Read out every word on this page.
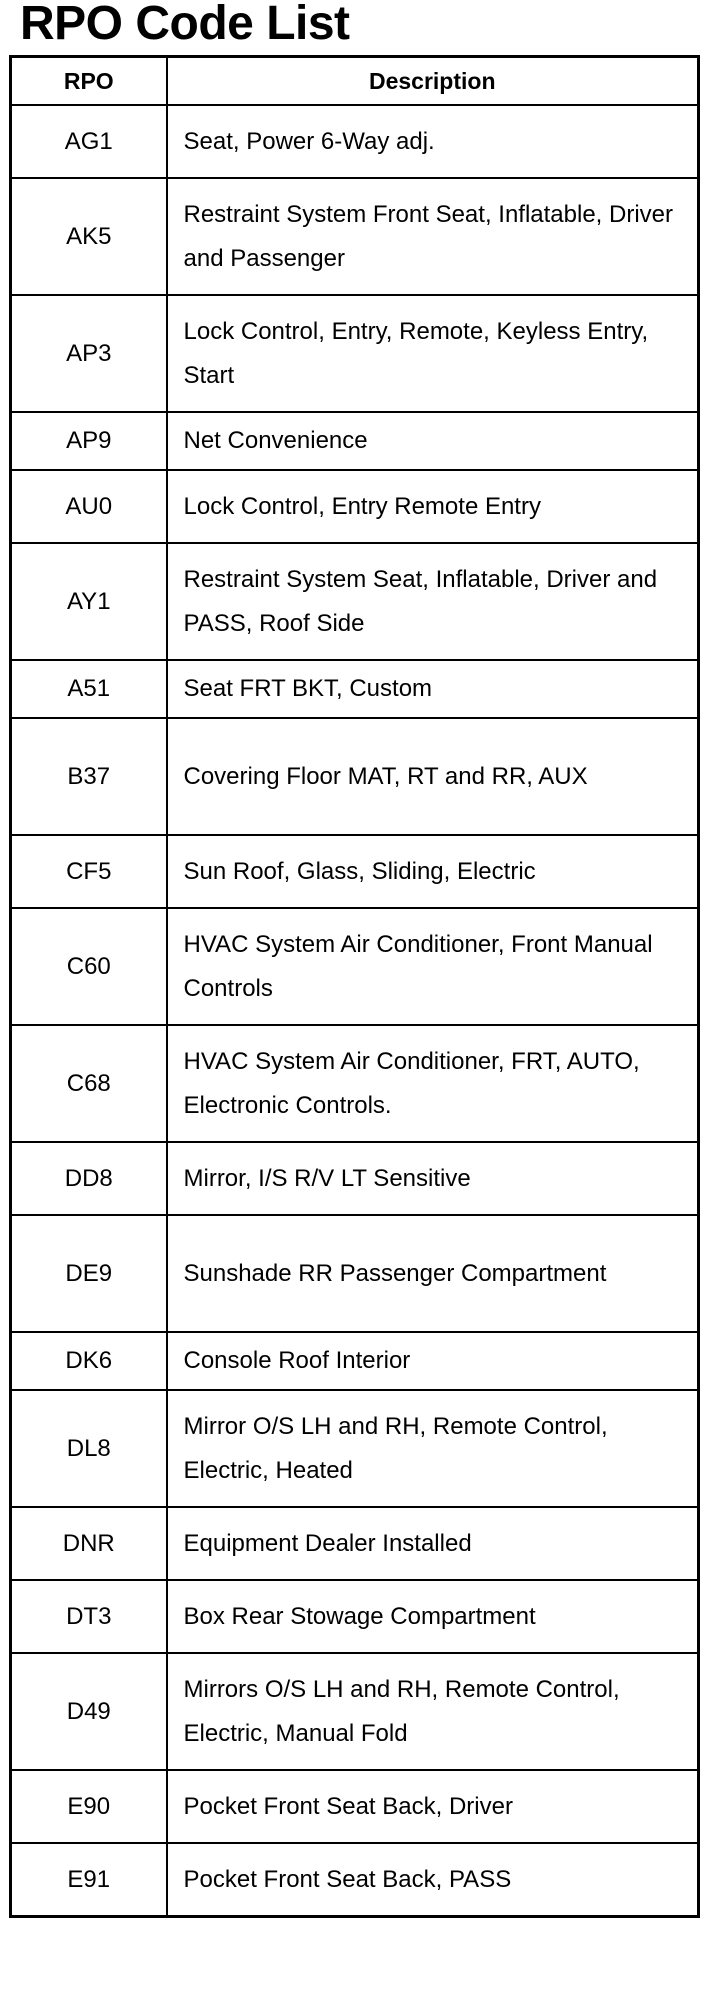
RPO Code List
RPO	Description
AG1	Seat, Power 6-Way adj.
AK5	Restraint System Front Seat, Inflatable, Driver and Passenger
AP3	Lock Control, Entry, Remote, Keyless Entry, Start
AP9	Net Convenience
AU0	Lock Control, Entry Remote Entry
AY1	Restraint System Seat, Inflatable, Driver and PASS, Roof Side
A51	Seat FRT BKT, Custom
B37	Covering Floor MAT, RT and RR, AUX
CF5	Sun Roof, Glass, Sliding, Electric
C60	HVAC System Air Conditioner, Front Manual Controls
C68	HVAC System Air Conditioner, FRT, AUTO, Electronic Controls.
DD8	Mirror, I/S R/V LT Sensitive
DE9	Sunshade RR Passenger Compartment
DK6	Console Roof Interior
DL8	Mirror O/S LH and RH, Remote Control, Electric, Heated
DNR	Equipment Dealer Installed
DT3	Box Rear Stowage Compartment
D49	Mirrors O/S LH and RH, Remote Control, Electric, Manual Fold
E90	Pocket Front Seat Back, Driver
E91	Pocket Front Seat Back, PASS
